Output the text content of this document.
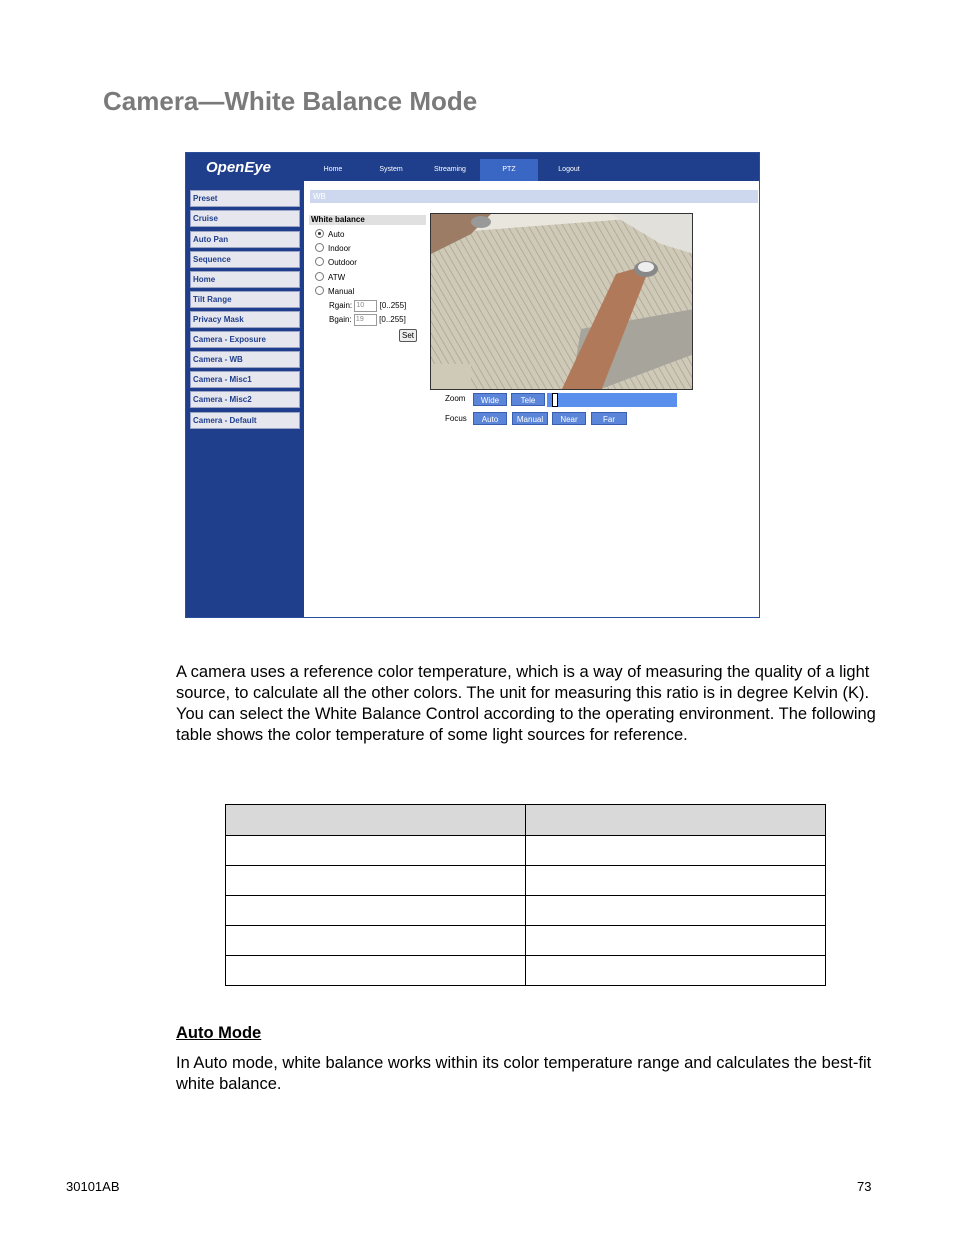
Camera—White Balance Mode
OpenEye	Home	System	Streaming	PTZ	Logout
Preset
Cruise
Auto Pan
Sequence
Home
Tilt Range
Privacy Mask
Camera - Exposure
Camera - WB
Camera - Misc1
Camera - Misc2
Camera - Default
WB
White balance
Auto
Indoor
Outdoor
ATW
Manual
Rgain: 10 [0..255]
Bgain: 19 [0..255]
Set
Zoom	Wide	Tele
Focus	Auto	Manual	Near	Far

A camera uses a reference color temperature, which is a way of measuring the quality of a light source, to calculate all the other colors. The unit for measuring this ratio is in degree Kelvin (K). You can select the White Balance Control according to the operating environment. The following table shows the color temperature of some light sources for reference.

Auto Mode

In Auto mode, white balance works within its color temperature range and calculates the best-fit white balance.

30101AB	73
